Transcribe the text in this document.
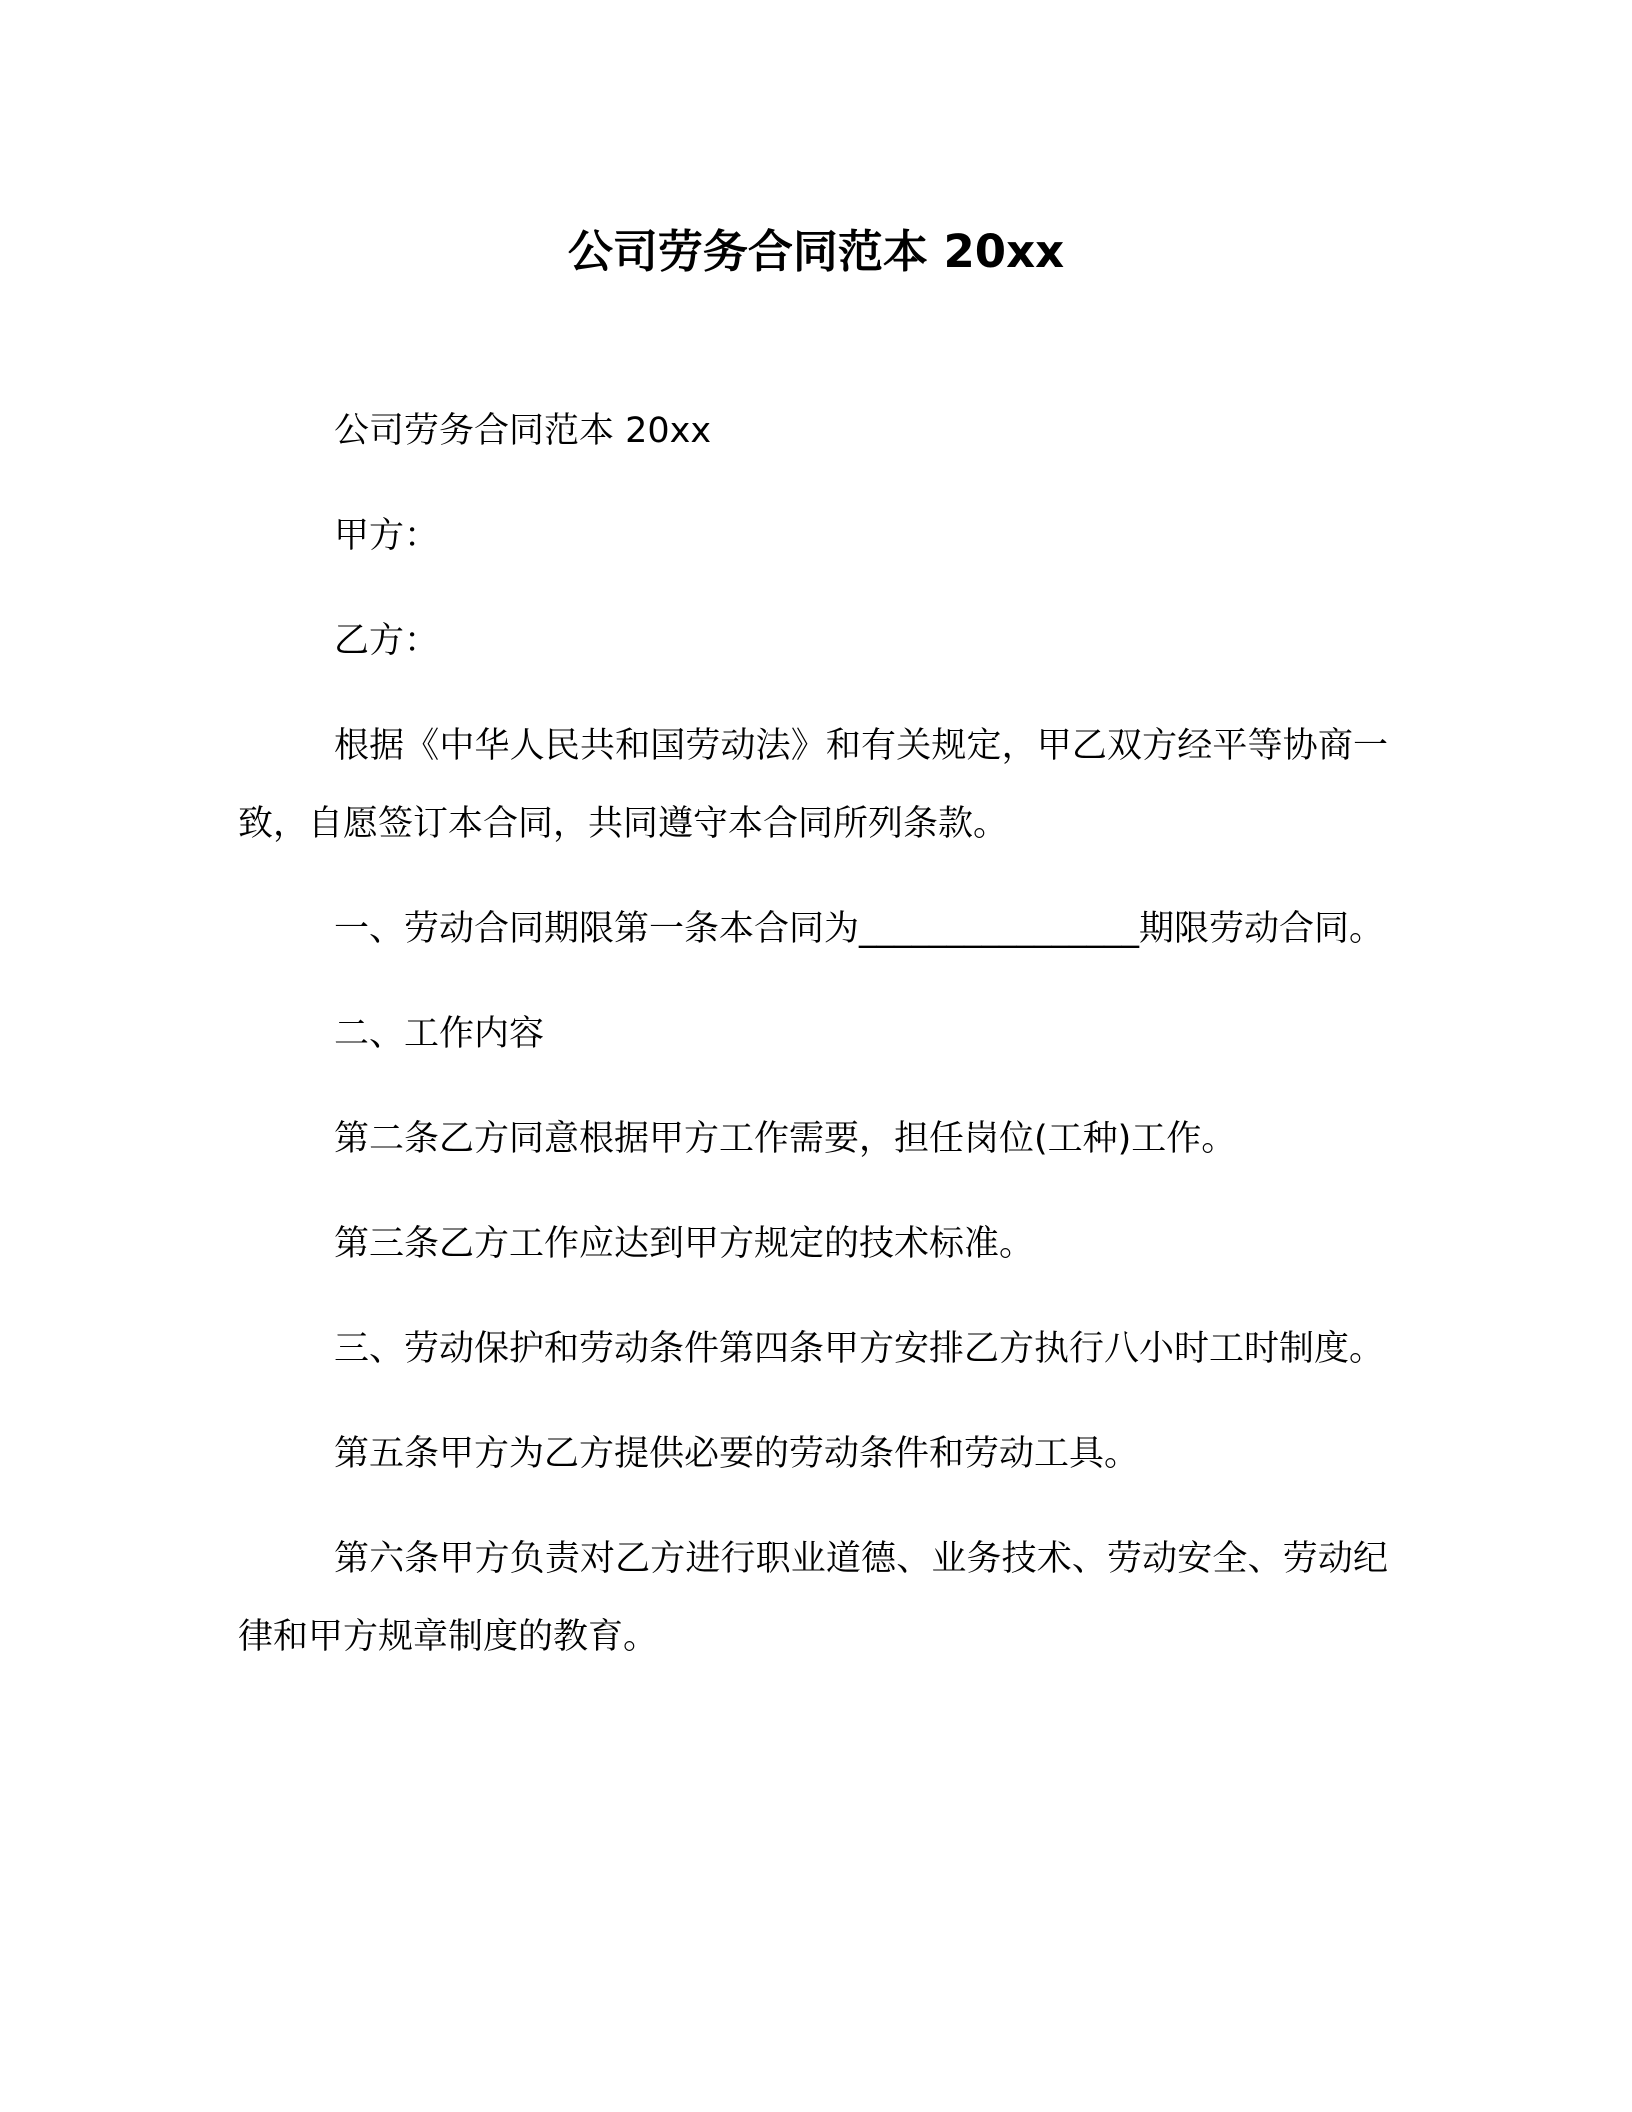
公司劳务合同范本 20xx

公司劳务合同范本 20xx

甲方：

乙方：

根据《中华人民共和国劳动法》和有关规定，甲乙双方经平等协商一致，自愿签订本合同，共同遵守本合同所列条款。

一、劳动合同期限第一条本合同为________________期限劳动合同。

二、工作内容

第二条乙方同意根据甲方工作需要，担任岗位(工种)工作。

第三条乙方工作应达到甲方规定的技术标准。

三、劳动保护和劳动条件第四条甲方安排乙方执行八小时工时制度。

第五条甲方为乙方提供必要的劳动条件和劳动工具。

第六条甲方负责对乙方进行职业道德、业务技术、劳动安全、劳动纪律和甲方规章制度的教育。
